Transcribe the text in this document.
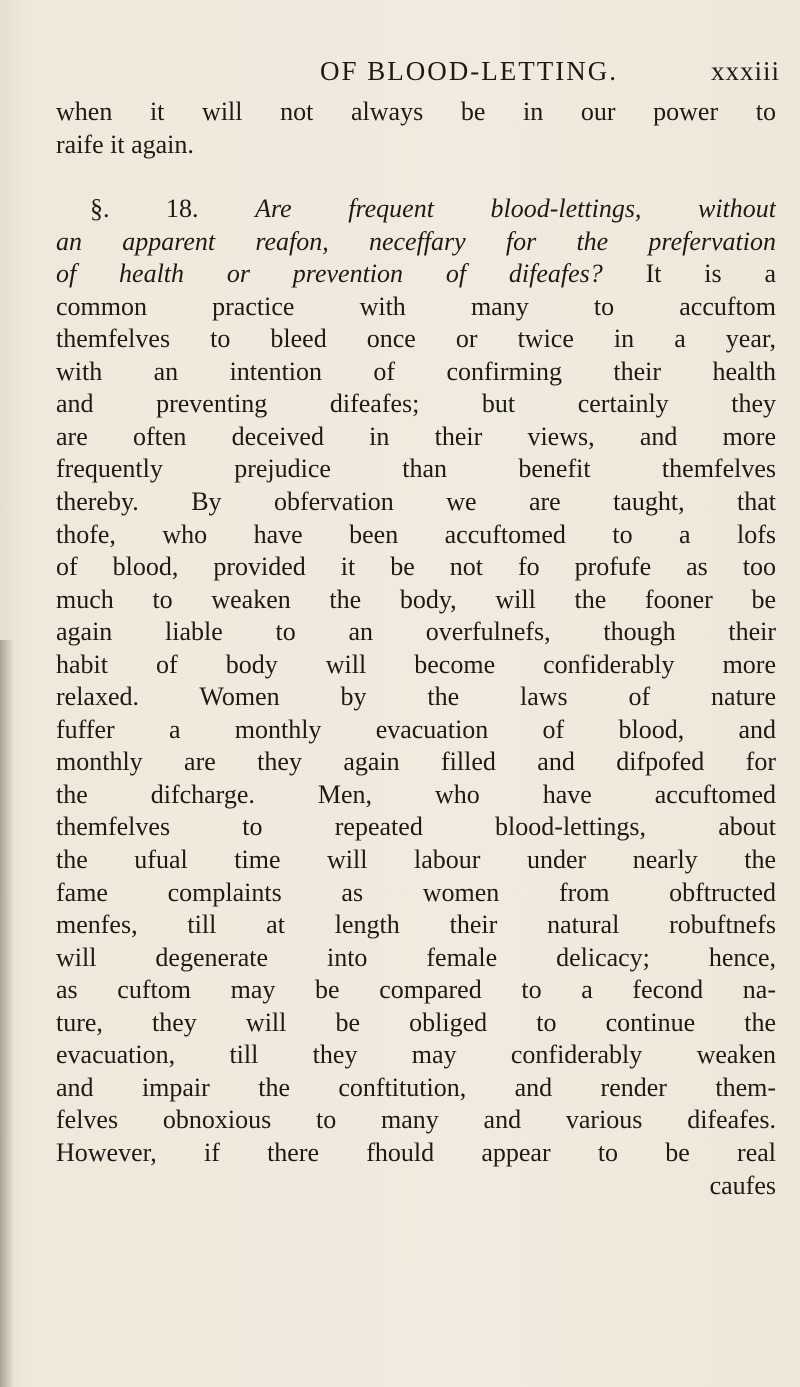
OF BLOOD-LETTING.	xxxiii
when it will not always be in our power to
raife it again.
§. 18. Are frequent blood-lettings, without
an apparent reafon, neceffary for the prefervation
of health or prevention of difeafes? It is a
common practice with many to accuftom
themfelves to bleed once or twice in a year,
with an intention of confirming their health
and preventing difeafes; but certainly they
are often deceived in their views, and more
frequently prejudice than benefit themfelves
thereby. By obfervation we are taught, that
thofe, who have been accuftomed to a lofs
of blood, provided it be not fo profufe as too
much to weaken the body, will the fooner be
again liable to an overfulnefs, though their
habit of body will become confiderably more
relaxed. Women by the laws of nature
fuffer a monthly evacuation of blood, and
monthly are they again filled and difpofed for
the difcharge. Men, who have accuftomed
themfelves to repeated blood-lettings, about
the ufual time will labour under nearly the
fame complaints as women from obftructed
menfes, till at length their natural robuftnefs
will degenerate into female delicacy; hence,
as cuftom may be compared to a fecond na-
ture, they will be obliged to continue the
evacuation, till they may confiderably weaken
and impair the conftitution, and render them-
felves obnoxious to many and various difeafes.
However, if there fhould appear to be real
caufes
